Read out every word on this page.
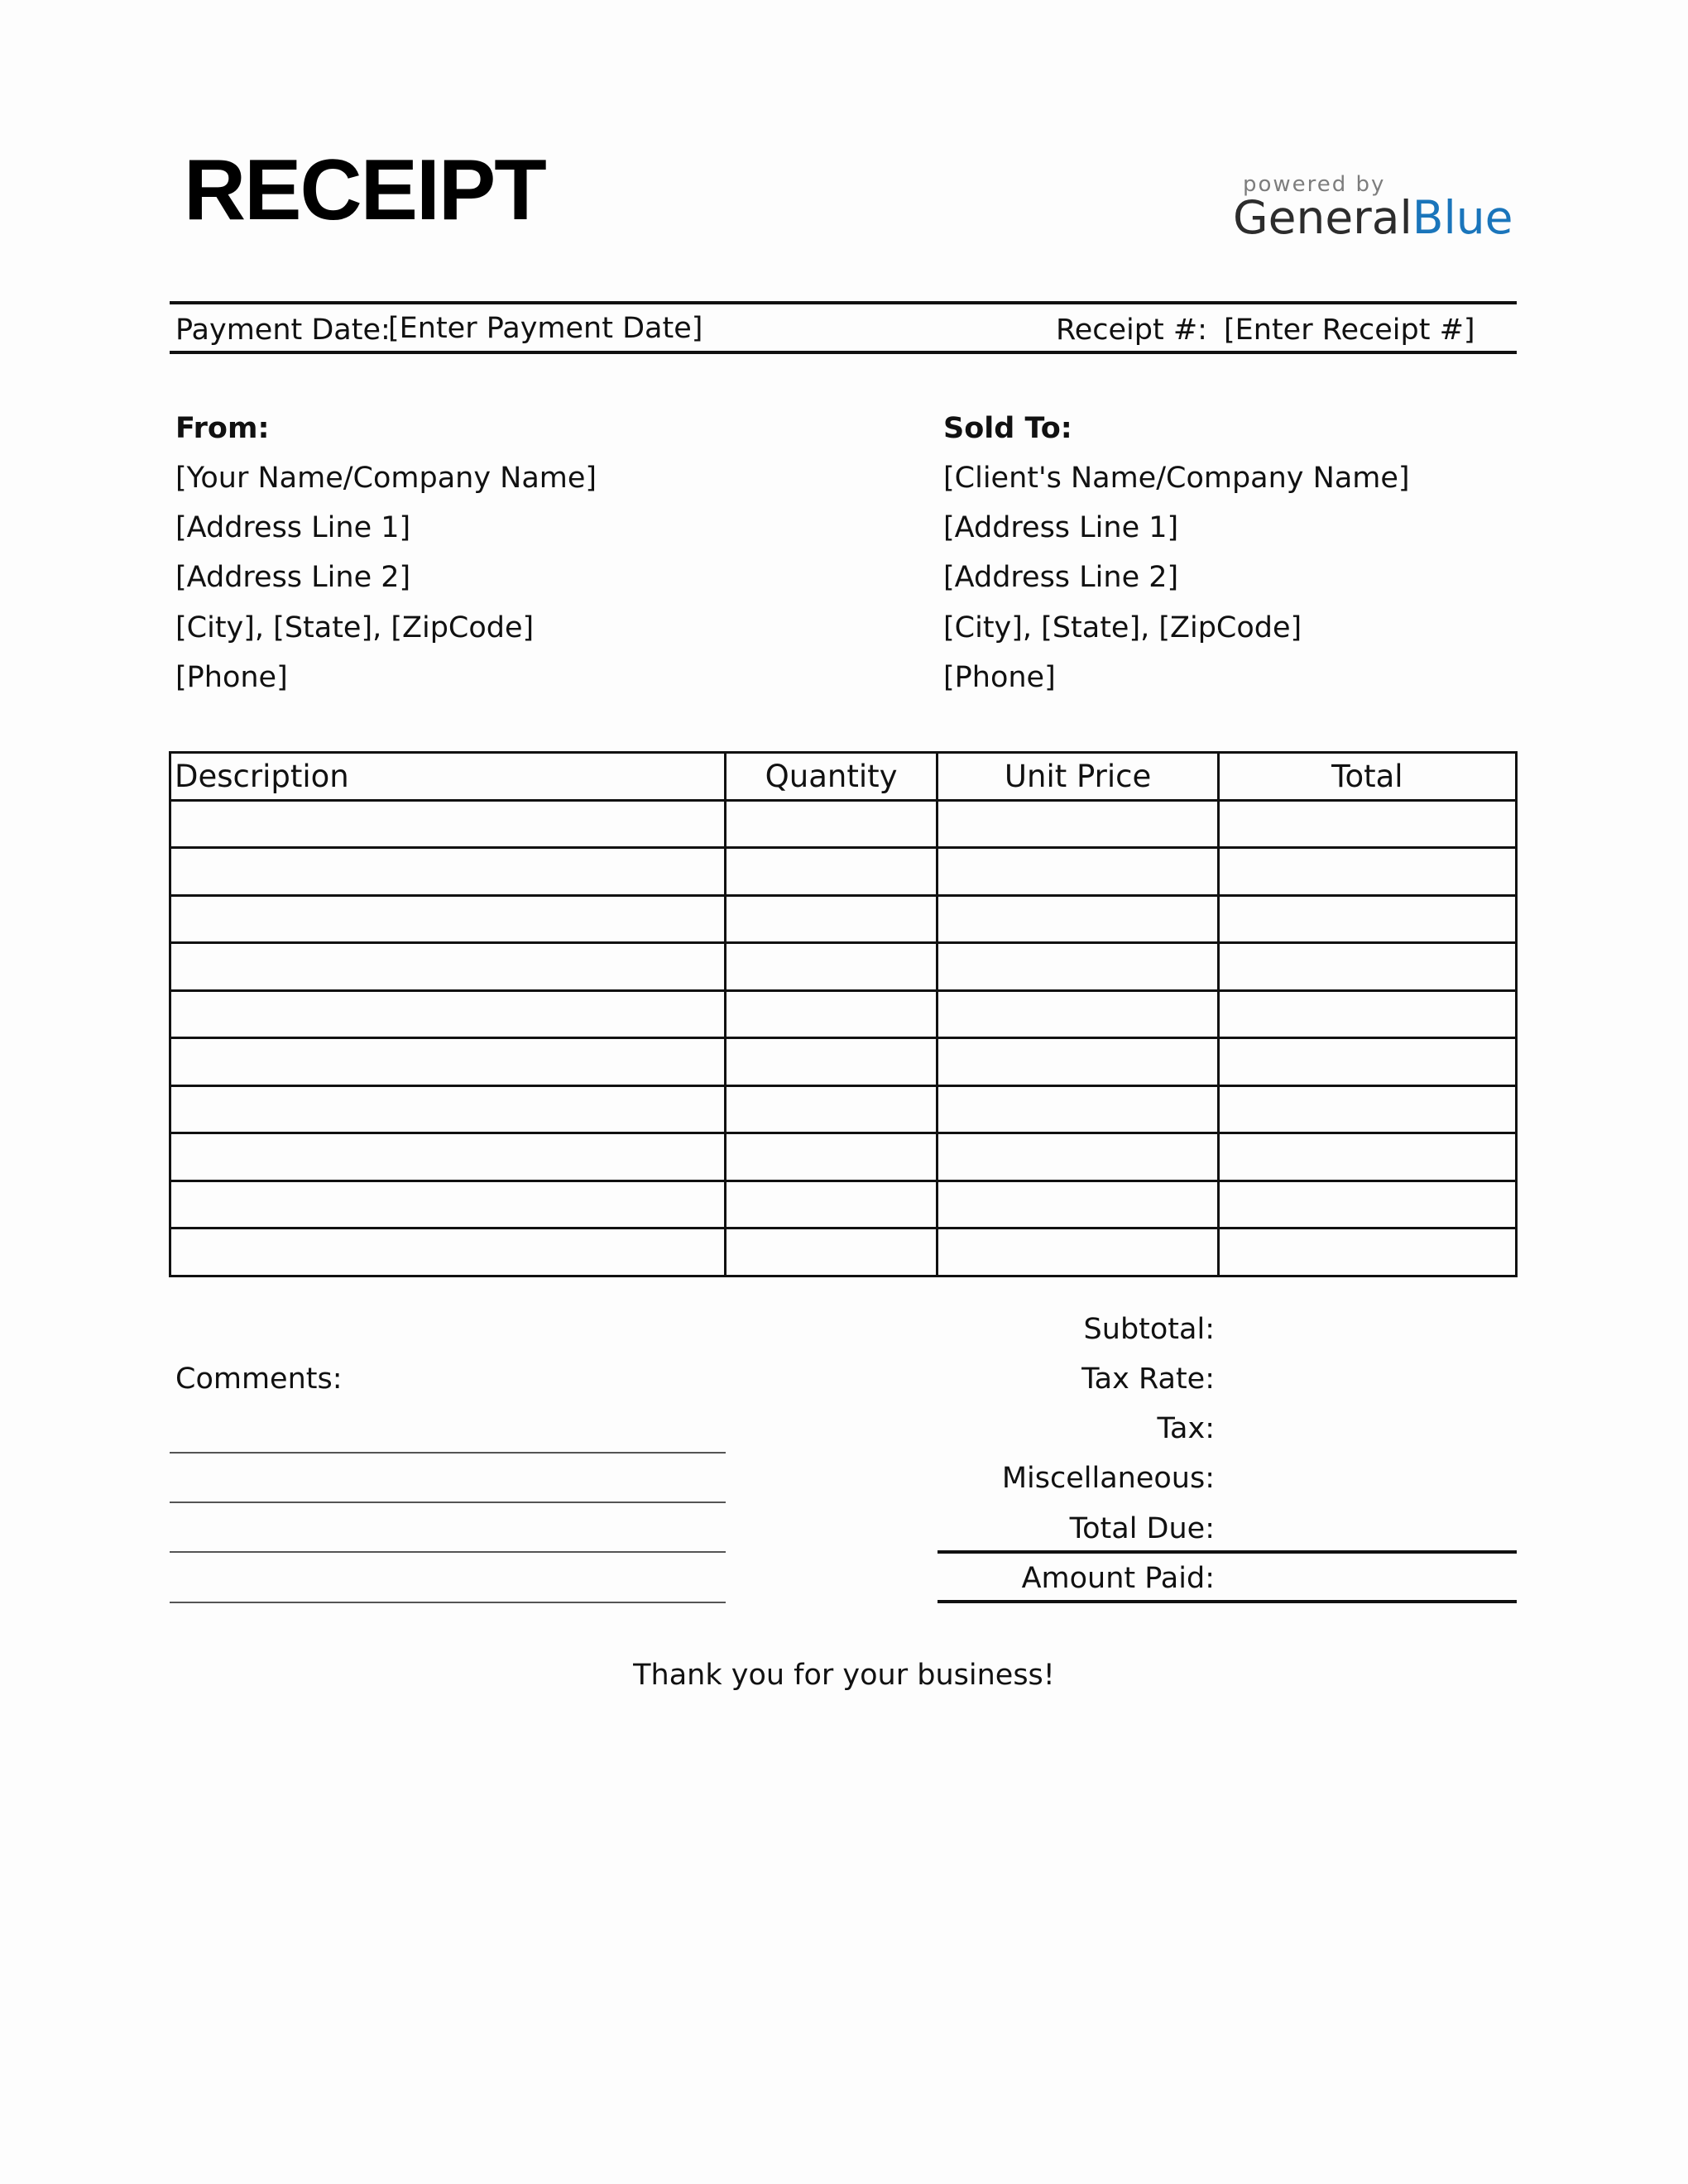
RECEIPT	powered by
GeneralBlue
Payment Date:
[Enter Payment Date]	Receipt #: [Enter Receipt #]
From:
[Your Name/Company Name]
[Address Line 1]
[Address Line 2]
[City], [State], [ZipCode]
[Phone]
Sold To:
[Client's Name/Company Name]
[Address Line 1]
[Address Line 2]
[City], [State], [ZipCode]
[Phone]
Description	Quantity	Unit Price	Total

Comments:
Subtotal:
Tax Rate:
Tax:
Miscellaneous:
Total Due:
Amount Paid:
Thank you for your business!
